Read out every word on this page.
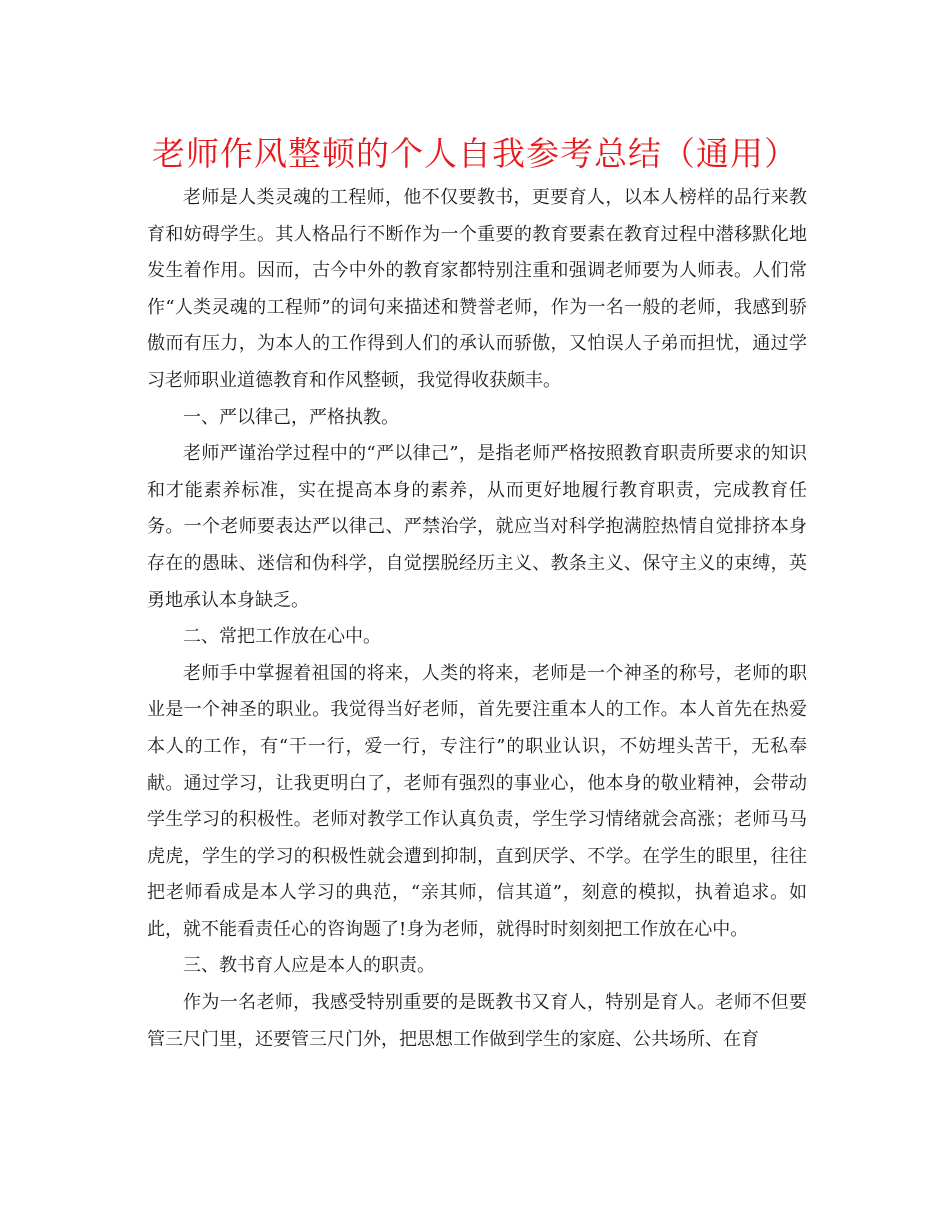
老师作风整顿的个人自我参考总结（通用）

老师是人类灵魂的工程师，他不仅要教书，更要育人，以本人榜样的品行来教育和妨碍学生。其人格品行不断作为一个重要的教育要素在教育过程中潜移默化地发生着作用。因而，古今中外的教育家都特别注重和强调老师要为人师表。人们常作“人类灵魂的工程师”的词句来描述和赞誉老师，作为一名一般的老师，我感到骄傲而有压力，为本人的工作得到人们的承认而骄傲，又怕误人子弟而担忧，通过学习老师职业道德教育和作风整顿，我觉得收获颇丰。

一、严以律己，严格执教。

老师严谨治学过程中的“严以律己”，是指老师严格按照教育职责所要求的知识和才能素养标准，实在提高本身的素养，从而更好地履行教育职责，完成教育任务。一个老师要表达严以律己、严禁治学，就应当对科学抱满腔热情自觉排挤本身存在的愚昧、迷信和伪科学，自觉摆脱经历主义、教条主义、保守主义的束缚，英勇地承认本身缺乏。

二、常把工作放在心中。

老师手中掌握着祖国的将来，人类的将来，老师是一个神圣的称号，老师的职业是一个神圣的职业。我觉得当好老师，首先要注重本人的工作。本人首先在热爱本人的工作，有“干一行，爱一行，专注行”的职业认识，不妨埋头苦干，无私奉献。通过学习，让我更明白了，老师有强烈的事业心，他本身的敬业精神，会带动学生学习的积极性。老师对教学工作认真负责，学生学习情绪就会高涨；老师马马虎虎，学生的学习的积极性就会遭到抑制，直到厌学、不学。在学生的眼里，往往把老师看成是本人学习的典范，“亲其师，信其道”，刻意的模拟，执着追求。如此，就不能看责任心的咨询题了!身为老师，就得时时刻刻把工作放在心中。

三、教书育人应是本人的职责。

作为一名老师，我感受特别重要的是既教书又育人，特别是育人。老师不但要管三尺门里，还要管三尺门外，把思想工作做到学生的家庭、公共场所、在育
